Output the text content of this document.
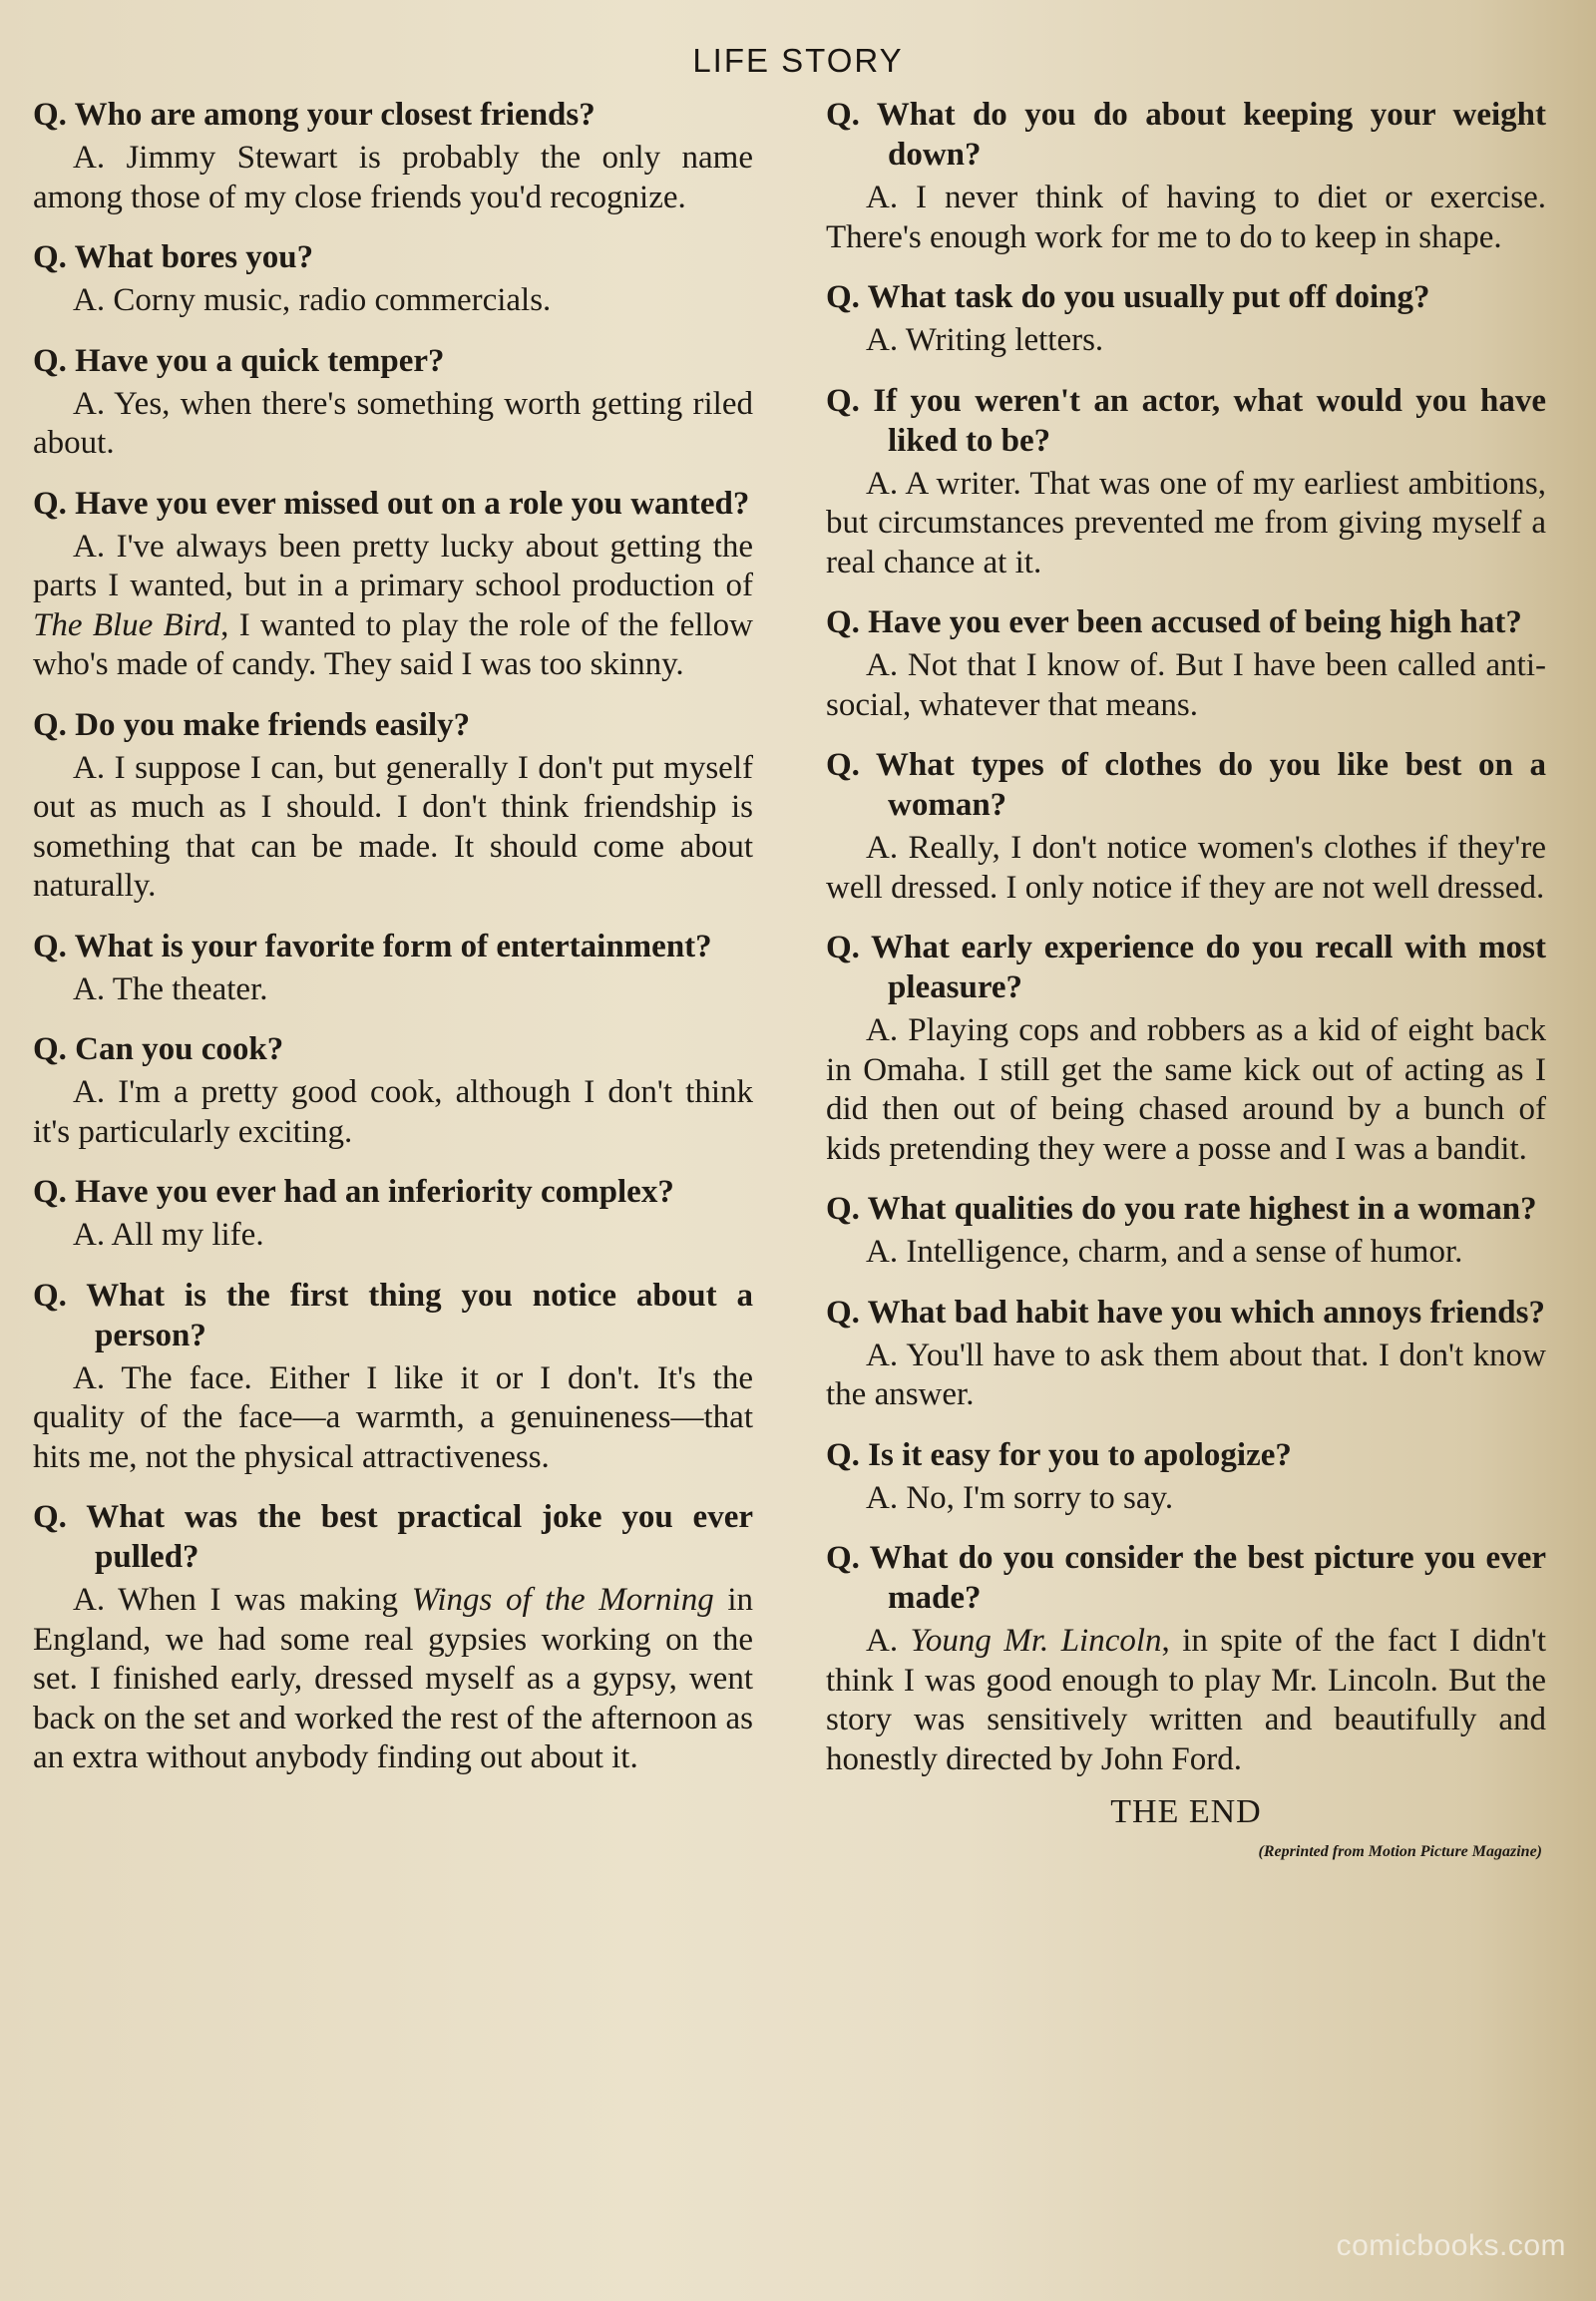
LIFE STORY
Q. Who are among your closest friends?
A. Jimmy Stewart is probably the only name among those of my close friends you'd recognize.
Q. What bores you?
A. Corny music, radio commercials.
Q. Have you a quick temper?
A. Yes, when there's something worth getting riled about.
Q. Have you ever missed out on a role you wanted?
A. I've always been pretty lucky about getting the parts I wanted, but in a primary school production of The Blue Bird, I wanted to play the role of the fellow who's made of candy. They said I was too skinny.
Q. Do you make friends easily?
A. I suppose I can, but generally I don't put myself out as much as I should. I don't think friendship is something that can be made. It should come about naturally.
Q. What is your favorite form of entertainment?
A. The theater.
Q. Can you cook?
A. I'm a pretty good cook, although I don't think it's particularly exciting.
Q. Have you ever had an inferiority complex?
A. All my life.
Q. What is the first thing you notice about a person?
A. The face. Either I like it or I don't. It's the quality of the face—a warmth, a genuineness—that hits me, not the physical attractiveness.
Q. What was the best practical joke you ever pulled?
A. When I was making Wings of the Morning in England, we had some real gypsies working on the set. I finished early, dressed myself as a gypsy, went back on the set and worked the rest of the afternoon as an extra without anybody finding out about it.
Q. What do you do about keeping your weight down?
A. I never think of having to diet or exercise. There's enough work for me to do to keep in shape.
Q. What task do you usually put off doing?
A. Writing letters.
Q. If you weren't an actor, what would you have liked to be?
A. A writer. That was one of my earliest ambitions, but circumstances prevented me from giving myself a real chance at it.
Q. Have you ever been accused of being high hat?
A. Not that I know of. But I have been called anti-social, whatever that means.
Q. What types of clothes do you like best on a woman?
A. Really, I don't notice women's clothes if they're well dressed. I only notice if they are not well dressed.
Q. What early experience do you recall with most pleasure?
A. Playing cops and robbers as a kid of eight back in Omaha. I still get the same kick out of acting as I did then out of being chased around by a bunch of kids pretending they were a posse and I was a bandit.
Q. What qualities do you rate highest in a woman?
A. Intelligence, charm, and a sense of humor.
Q. What bad habit have you which annoys friends?
A. You'll have to ask them about that. I don't know the answer.
Q. Is it easy for you to apologize?
A. No, I'm sorry to say.
Q. What do you consider the best picture you ever made?
A. Young Mr. Lincoln, in spite of the fact I didn't think I was good enough to play Mr. Lincoln. But the story was sensitively written and beautifully and honestly directed by John Ford.
THE END
(Reprinted from Motion Picture Magazine)
comicbooks.com
